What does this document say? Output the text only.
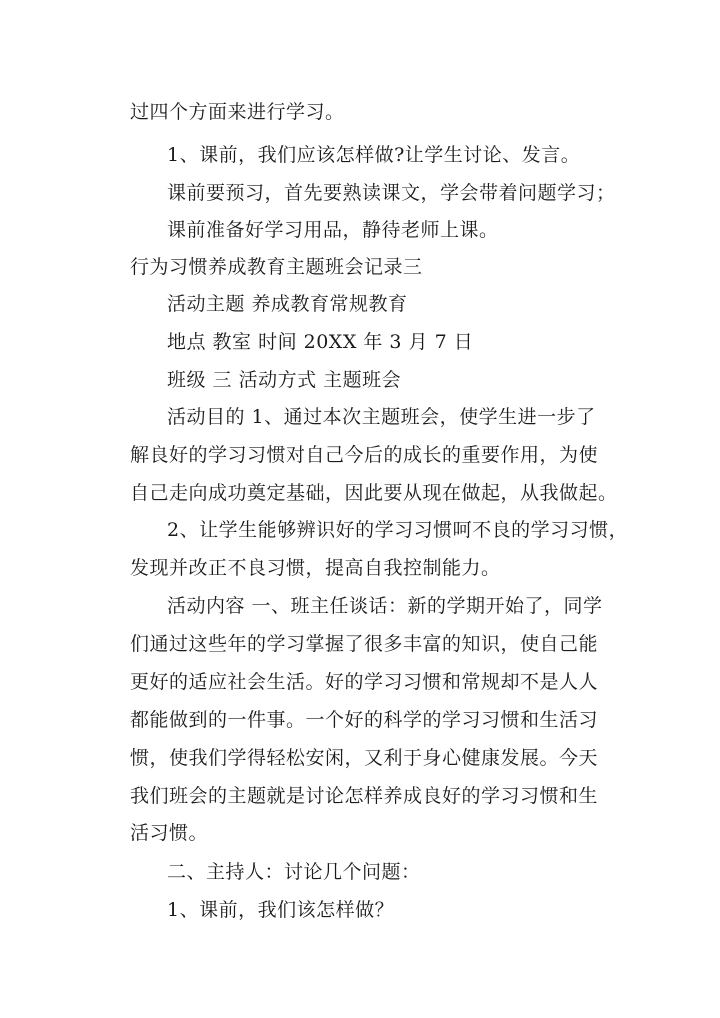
过四个方面来进行学习。
1、课前，我们应该怎样做?让学生讨论、发言。
课前要预习，首先要熟读课文，学会带着问题学习；
课前准备好学习用品，静待老师上课。
行为习惯养成教育主题班会记录三
活动主题 养成教育常规教育
地点 教室 时间 20XX 年 3 月 7 日
班级 三 活动方式 主题班会
活动目的 1、通过本次主题班会，使学生进一步了
解良好的学习习惯对自己今后的成长的重要作用，为使
自己走向成功奠定基础，因此要从现在做起，从我做起。
2、让学生能够辨识好的学习习惯呵不良的学习习惯，
发现并改正不良习惯，提高自我控制能力。
活动内容 一、班主任谈话：新的学期开始了，同学
们通过这些年的学习掌握了很多丰富的知识，使自己能
更好的适应社会生活。好的学习习惯和常规却不是人人
都能做到的一件事。一个好的科学的学习习惯和生活习
惯，使我们学得轻松安闲，又利于身心健康发展。今天
我们班会的主题就是讨论怎样养成良好的学习习惯和生
活习惯。
二、主持人：讨论几个问题：
1、课前，我们该怎样做？
